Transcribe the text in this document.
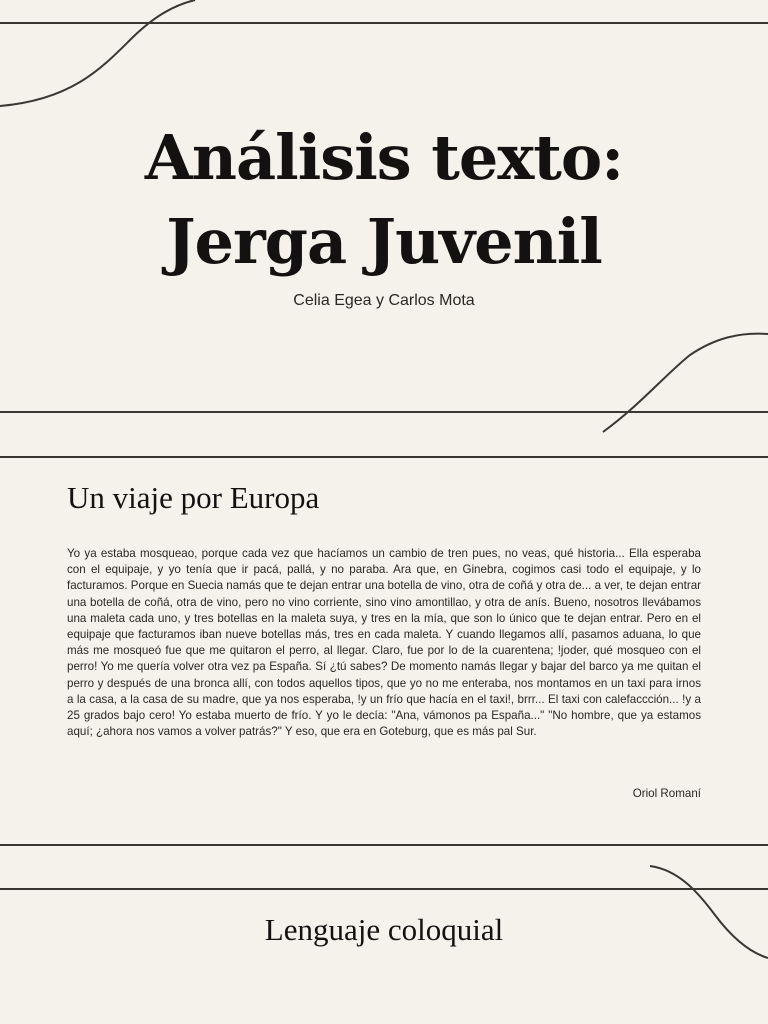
Análisis texto:
Jerga Juvenil
Celia Egea y Carlos Mota
Un viaje por Europa

Yo ya estaba mosqueao, porque cada vez que hacíamos un cambio de tren pues, no veas, qué historia... Ella esperaba con el equipaje, y yo tenía que ir pacá, pallá, y no paraba. Ara que, en Ginebra, cogimos casi todo el equipaje, y lo facturamos. Porque en Suecia namás que te dejan entrar una botella de vino, otra de coñá y otra de... a ver, te dejan entrar una botella de coñá, otra de vino, pero no vino corriente, sino vino amontillao, y otra de anís. Bueno, nosotros llevábamos una maleta cada uno, y tres botellas en la maleta suya, y tres en la mía, que son lo único que te dejan entrar. Pero en el equipaje que facturamos iban nueve botellas más, tres en cada maleta. Y cuando llegamos allí, pasamos aduana, lo que más me mosqueó fue que me quitaron el perro, al llegar. Claro, fue por lo de la cuarentena; !joder, qué mosqueo con el perro! Yo me quería volver otra vez pa España. Sí ¿tú sabes? De momento namás llegar y bajar del barco ya me quitan el perro y después de una bronca allí, con todos aquellos tipos, que yo no me enteraba, nos montamos en un taxi para irnos a la casa, a la casa de su madre, que ya nos esperaba, !y un frío que hacía en el taxi!, brrr... El taxi con calefaccción... !y a 25 grados bajo cero! Yo estaba muerto de frío. Y yo le decía: "Ana, vámonos pa España..." "No hombre, que ya estamos aquí; ¿ahora nos vamos a volver patrás?" Y eso, que era en Goteburg, que es más pal Sur.

Oriol Romaní
Lenguaje coloquial
